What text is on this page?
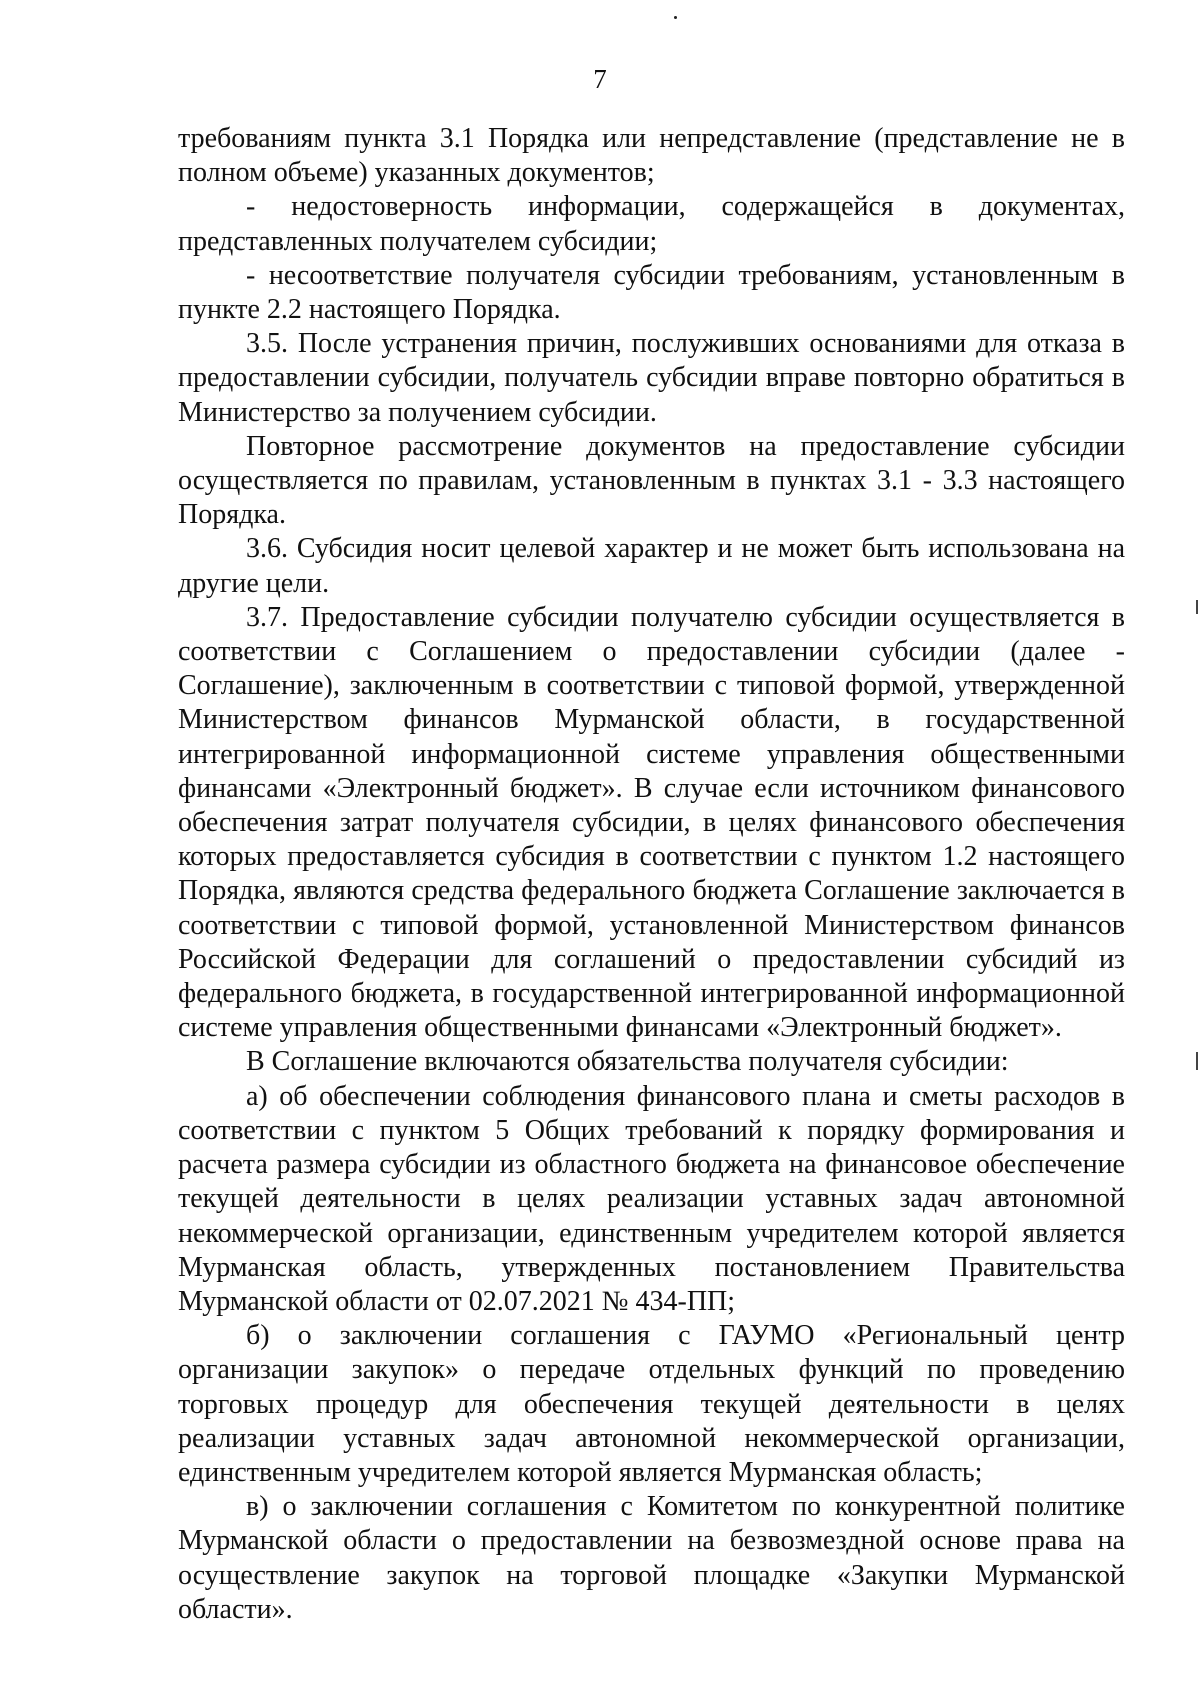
7

требованиям пункта 3.1 Порядка или непредставление (представление не в полном объеме) указанных документов;

- недостоверность информации, содержащейся в документах, представленных получателем субсидии;

- несоответствие получателя субсидии требованиям, установленным в пункте 2.2 настоящего Порядка.

3.5. После устранения причин, послуживших основаниями для отказа в предоставлении субсидии, получатель субсидии вправе повторно обратиться в Министерство за получением субсидии.

Повторное рассмотрение документов на предоставление субсидии осуществляется по правилам, установленным в пунктах 3.1 - 3.3 настоящего Порядка.

3.6. Субсидия носит целевой характер и не может быть использована на другие цели.

3.7. Предоставление субсидии получателю субсидии осуществляется в соответствии с Соглашением о предоставлении субсидии (далее - Соглашение), заключенным в соответствии с типовой формой, утвержденной Министерством финансов Мурманской области, в государственной интегрированной информационной системе управления общественными финансами «Электронный бюджет». В случае если источником финансового обеспечения затрат получателя субсидии, в целях финансового обеспечения которых предоставляется субсидия в соответствии с пунктом 1.2 настоящего Порядка, являются средства федерального бюджета Соглашение заключается в соответствии с типовой формой, установленной Министерством финансов Российской Федерации для соглашений о предоставлении субсидий из федерального бюджета, в государственной интегрированной информационной системе управления общественными финансами «Электронный бюджет».

В Соглашение включаются обязательства получателя субсидии:

а) об обеспечении соблюдения финансового плана и сметы расходов в соответствии с пунктом 5 Общих требований к порядку формирования и расчета размера субсидии из областного бюджета на финансовое обеспечение текущей деятельности в целях реализации уставных задач автономной некоммерческой организации, единственным учредителем которой является Мурманская область, утвержденных постановлением Правительства Мурманской области от 02.07.2021 № 434-ПП;

б) о заключении соглашения с ГАУМО «Региональный центр организации закупок» о передаче отдельных функций по проведению торговых процедур для обеспечения текущей деятельности в целях реализации уставных задач автономной некоммерческой организации, единственным учредителем которой является Мурманская область;

в) о заключении соглашения с Комитетом по конкурентной политике Мурманской области о предоставлении на безвозмездной основе права на осуществление закупок на торговой площадке «Закупки Мурманской области».
